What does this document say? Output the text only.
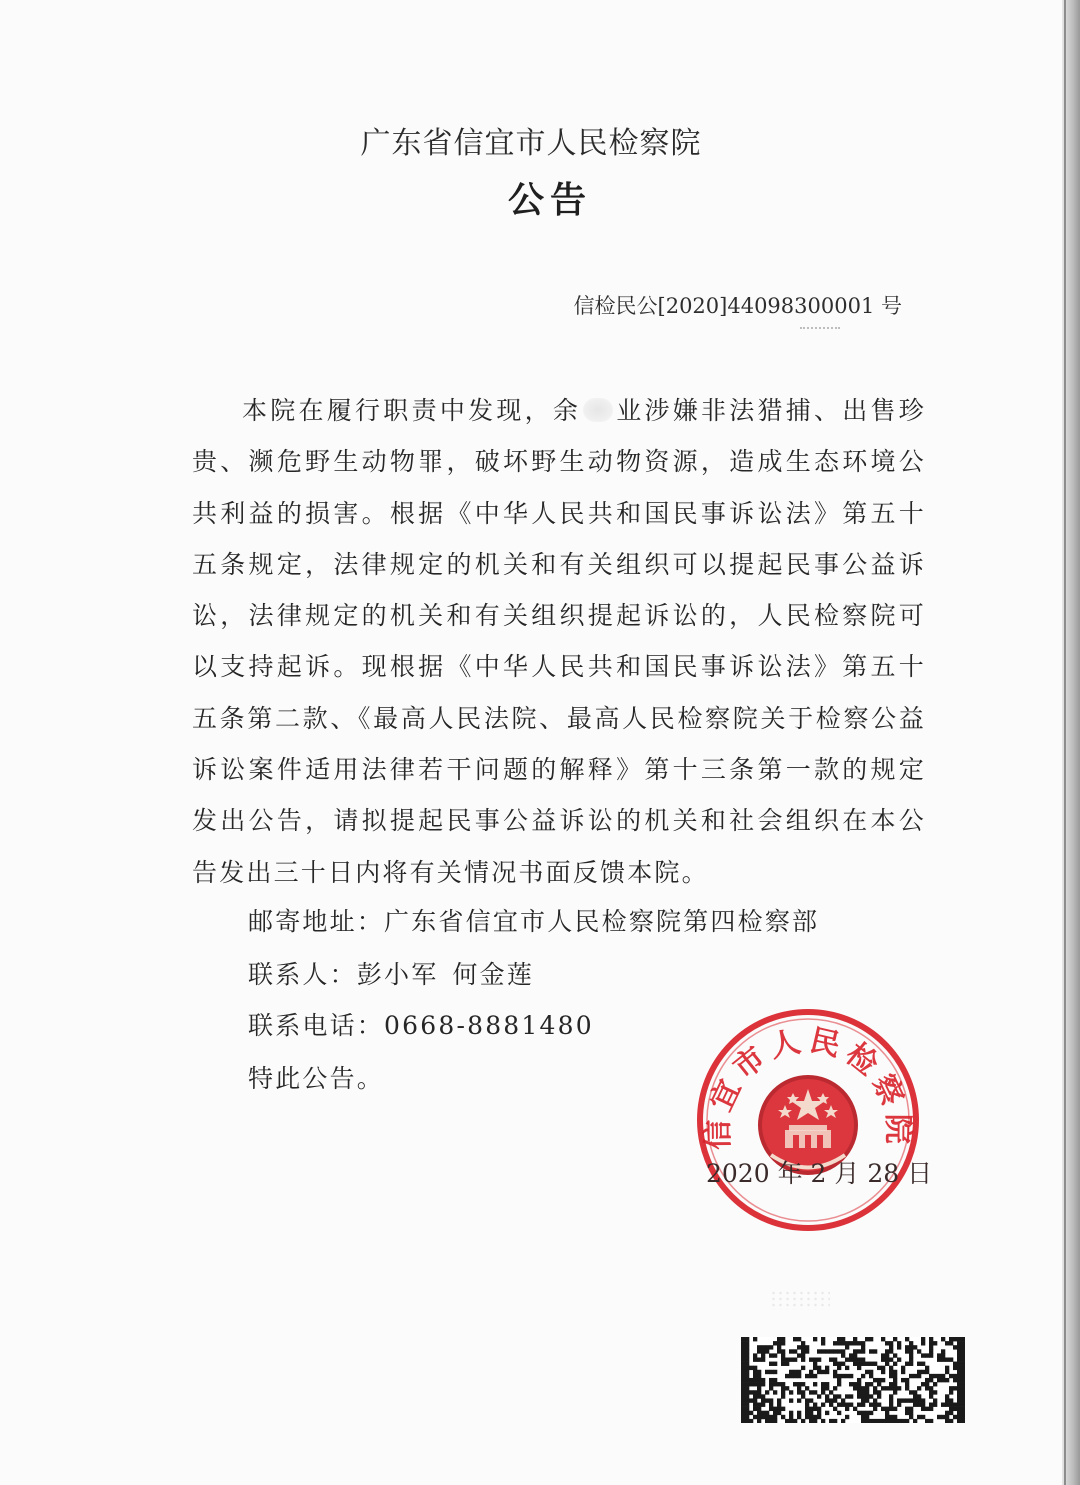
广东省信宜市人民检察院
公告
信检民公[2020]44098300001 号

本院在履行职责中发现，余 业涉嫌非法猎捕、出售珍贵、濒危野生动物罪，破坏野生动物资源，造成生态环境公共利益的损害。根据《中华人民共和国民事诉讼法》第五十五条规定，法律规定的机关和有关组织可以提起民事公益诉讼，法律规定的机关和有关组织提起诉讼的，人民检察院可以支持起诉。现根据《中华人民共和国民事诉讼法》第五十五条第二款、《最高人民法院、最高人民检察院关于检察公益诉讼案件适用法律若干问题的解释》第十三条第一款的规定发出公告，请拟提起民事公益诉讼的机关和社会组织在本公告发出三十日内将有关情况书面反馈本院。

邮寄地址：广东省信宜市人民检察院第四检察部
联系人：彭小军 何金莲
联系电话：0668-8881480
特此公告。
信宜市人民检察院
2020 年 2 月 28 日
